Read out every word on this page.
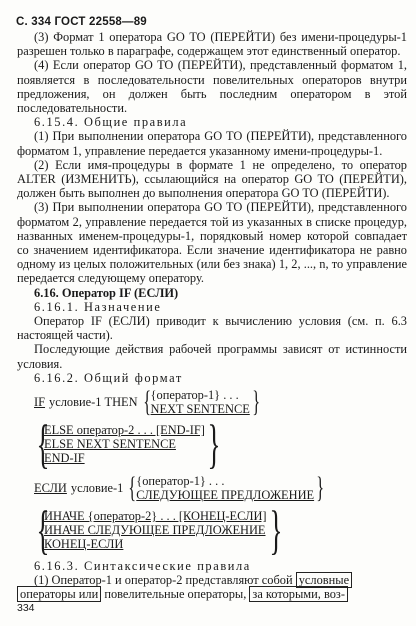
С. 334 ГОСТ 22558—89

(3) Формат 1 оператора GO TO (ПЕРЕЙТИ) без имени-процедуры-1 разрешен только в параграфе, содержащем этот единственный оператор.

(4) Если оператор GO TO (ПЕРЕЙТИ), представленный форматом 1, появляется в последовательности повелительных операторов внутри предложения, он должен быть последним оператором в этой последовательности.

6.15.4. Общие правила

(1) При выполнении оператора GO TO (ПЕРЕЙТИ), представленного форматом 1, управление передается указанному имени-процедуры-1.

(2) Если имя-процедуры в формате 1 не определено, то оператор ALTER (ИЗМЕНИТЬ), ссылающийся на оператор GO TO (ПЕРЕЙТИ), должен быть выполнен до выполнения оператора GO TO (ПЕРЕЙТИ).

(3) При выполнении оператора GO TO (ПЕРЕЙТИ), представленного форматом 2, управление передается той из указанных в списке процедур, названных именем-процедуры-1, порядковый номер которой совпадает со значением идентификатора. Если значение идентификатора не равно одному из целых положительных (или без знака) 1, 2, ..., n, то управление передается следующему оператору.

6.16. Оператор IF (ЕСЛИ)

6.16.1. Назначение

Оператор IF (ЕСЛИ) приводит к вычислению условия (см. п. 6.3 настоящей части).

Последующие действия рабочей программы зависят от истинности условия.

6.16.2. Общий формат

IF условие-1 THEN { {оператор-1} . . .
NEXT SENTENCE }
{
ELSE оператор-2 . . . [END-IF]
ELSE NEXT SENTENCE
END-IF	}
ЕСЛИ условие-1 { {оператор-1} . . .
СЛЕДУЮЩЕЕ ПРЕДЛОЖЕНИЕ }
{
ИНАЧЕ {оператор-2} . . . [КОНЕЦ-ЕСЛИ]
ИНАЧЕ СЛЕДУЮЩЕЕ ПРЕДЛОЖЕНИЕ
КОНЕЦ-ЕСЛИ	}

6.16.3. Синтаксические правила

(1) Оператор-1 и оператор-2 представляют собой условные

операторы или повелительные операторы, за которыми, воз-

334
